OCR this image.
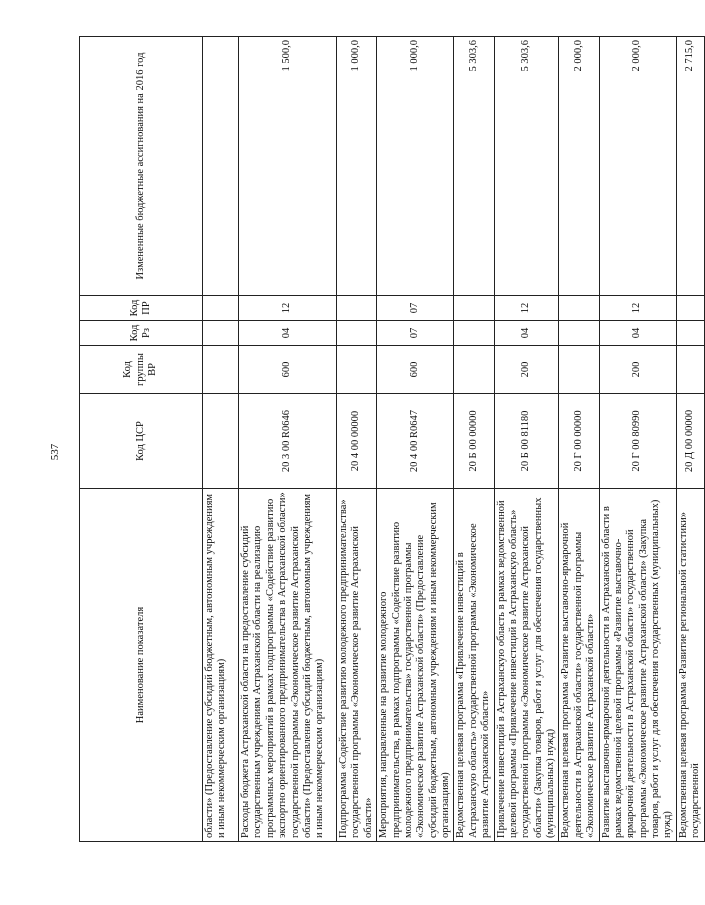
537
Наименование показателя	Код ЦСР	Код группы ВР	Код Рз	Код ПР	Измененные бюджетные ассигнования на 2016 год
области» (Предоставление субсидий бюджетным, автономным учреждениям и иным некоммерческим организациям)					
Расходы бюджета Астраханской области на предоставление субсидий государственным учреждениям Астраханской области на реализацию программных мероприятий в рамках подпрограммы «Содействие развитию экспортно ориентированного предпринимательства в Астраханской области» государственной программы «Экономическое развитие Астраханской области» (Предоставление субсидий бюджетным, автономным учреждениям и иным некоммерческим организациям)	20 3 00 R0646	600	04	12	1 500,0
Подпрограмма «Содействие развитию молодежного предпринимательства» государственной программы «Экономическое развитие Астраханской области»	20 4 00 00000				1 000,0
Мероприятия, направленные на развитие молодежного предпринимательства, в рамках подпрограммы «Содействие развитию молодежного предпринимательства» государственной программы «Экономическое развитие Астраханской области» (Предоставление субсидий бюджетным, автономным учреждениям и иным некоммерческим организациям)	20 4 00 R0647	600	07	07	1 000,0
Ведомственная целевая программа «Привлечение инвестиций в Астраханскую область» государственной программы «Экономическое развитие Астраханской области»	20 Б 00 00000				5 303,6
Привлечение инвестиций в Астраханскую область в рамках ведомственной целевой программы «Привлечение инвестиций в Астраханскую область» государственной программы «Экономическое развитие Астраханской области» (Закупка товаров, работ и услуг для обеспечения государственных (муниципальных) нужд)	20 Б 00 81180	200	04	12	5 303,6
Ведомственная целевая программа «Развитие выставочно-ярмарочной деятельности в Астраханской области» государственной программы «Экономическое развитие Астраханской области»	20 Г 00 00000				2 000,0
Развитие выставочно-ярмарочной деятельности в Астраханской области в рамках ведомственной целевой программы «Развитие выставочно-ярмарочной деятельности в Астраханской области» государственной программы «Экономическое развитие Астраханской области» (Закупка товаров, работ и услуг для обеспечения государственных (муниципальных) нужд)	20 Г 00 80990	200	04	12	2 000,0
Ведомственная целевая программа «Развитие региональной статистики» государственной	20 Д 00 00000				2 715,0
